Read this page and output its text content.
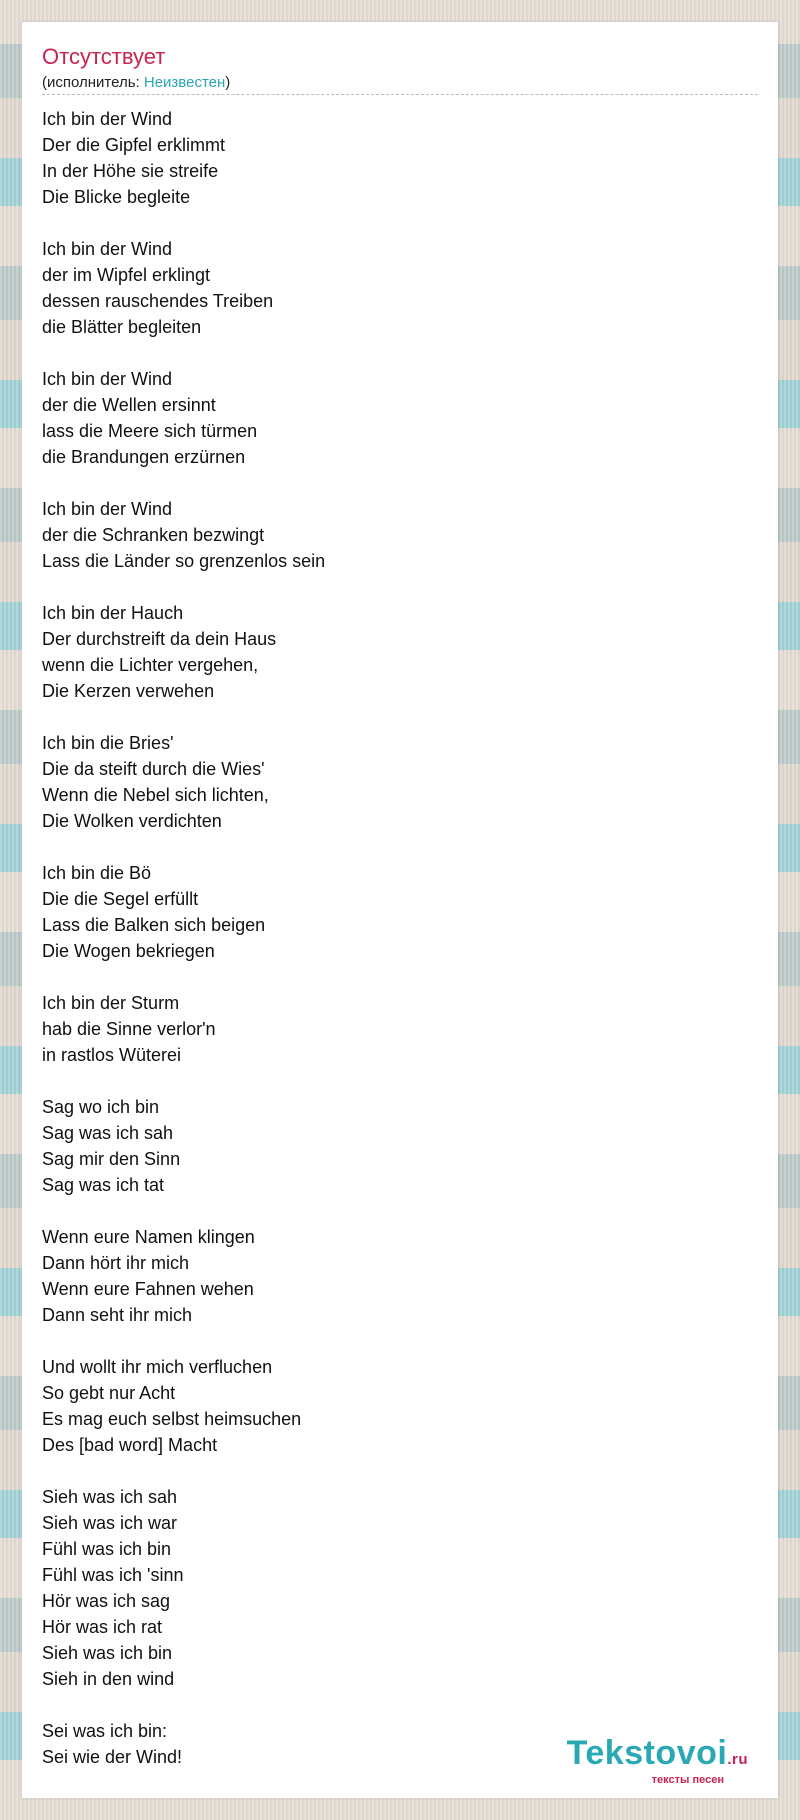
Отсутствует
(исполнитель: Неизвестен)
Ich bin der Wind
Der die Gipfel erklimmt
In der Höhe sie streife
Die Blicke begleite

Ich bin der Wind
der im Wipfel erklingt
dessen rauschendes Treiben
die Blätter begleiten

Ich bin der Wind
der die Wellen ersinnt
lass die Meere sich türmen
die Brandungen erzürnen

Ich bin der Wind
der die Schranken bezwingt
Lass die Länder so grenzenlos sein

Ich bin der Hauch
Der durchstreift da dein Haus
wenn die Lichter vergehen,
Die Kerzen verwehen

Ich bin die Bries'
Die da steift durch die Wies'
Wenn die Nebel sich lichten,
Die Wolken verdichten

Ich bin die Bö
Die die Segel erfüllt
Lass die Balken sich beigen
Die Wogen bekriegen

Ich bin der Sturm
hab die Sinne verlor'n
in rastlos Wüterei

Sag wo ich bin
Sag was ich sah
Sag mir den Sinn
Sag was ich tat

Wenn eure Namen klingen
Dann hört ihr mich
Wenn eure Fahnen wehen
Dann seht ihr mich

Und wollt ihr mich verfluchen
So gebt nur Acht
Es mag euch selbst heimsuchen
Des [bad word] Macht

Sieh was ich sah
Sieh was ich war
Fühl was ich bin
Fühl was ich 'sinn
Hör was ich sag
Hör was ich rat
Sieh was ich bin
Sieh in den wind

Sei was ich bin:
Sei wie der Wind!	Tekstovoi.ru
тексты песен
